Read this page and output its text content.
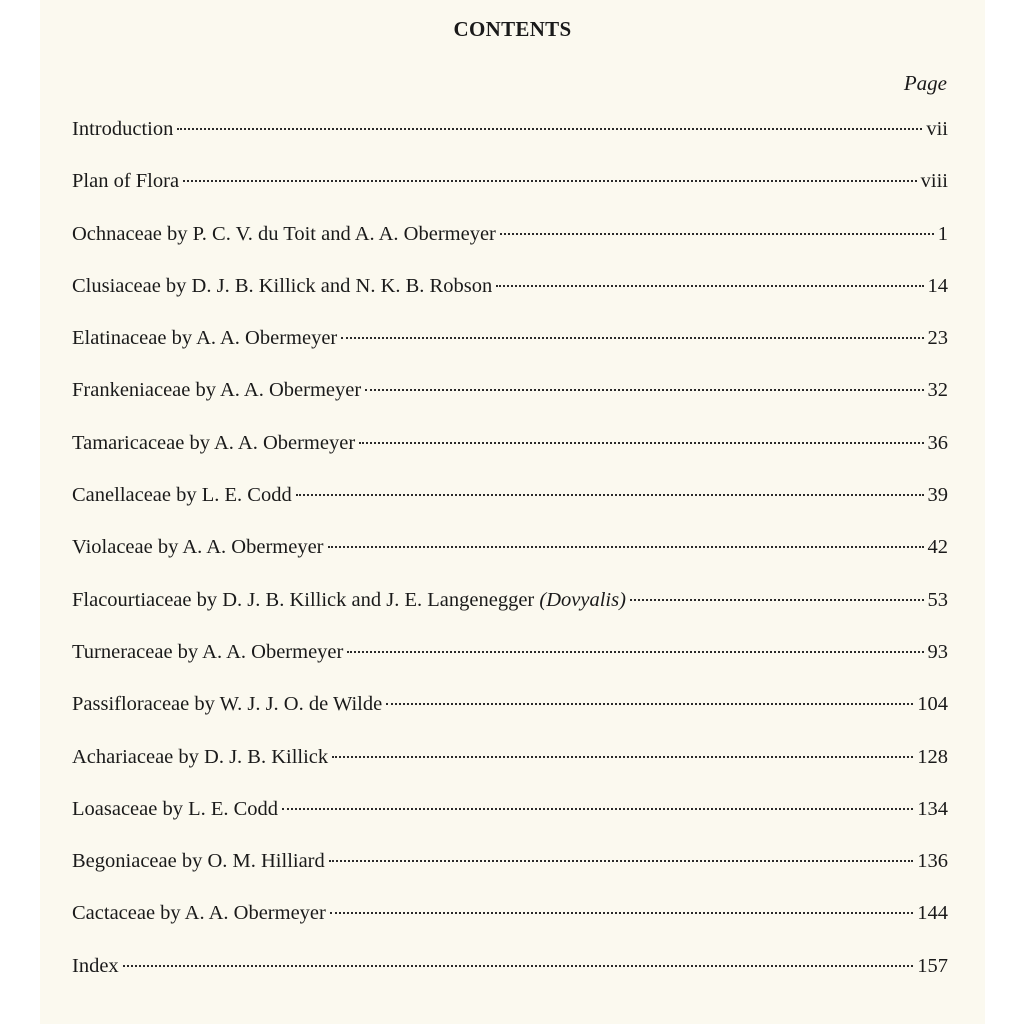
CONTENTS
Page
Introduction	vii
Plan of Flora	viii
Ochnaceae by P. C. V. du Toit and A. A. Obermeyer	1
Clusiaceae by D. J. B. Killick and N. K. B. Robson	14
Elatinaceae by A. A. Obermeyer	23
Frankeniaceae by A. A. Obermeyer	32
Tamaricaceae by A. A. Obermeyer	36
Canellaceae by L. E. Codd	39
Violaceae by A. A. Obermeyer	42
Flacourtiaceae by D. J. B. Killick and J. E. Langenegger (Dovyalis)	53
Turneraceae by A. A. Obermeyer	93
Passifloraceae by W. J. J. O. de Wilde	104
Achariaceae by D. J. B. Killick	128
Loasaceae by L. E. Codd	134
Begoniaceae by O. M. Hilliard	136
Cactaceae by A. A. Obermeyer	144
Index	157
